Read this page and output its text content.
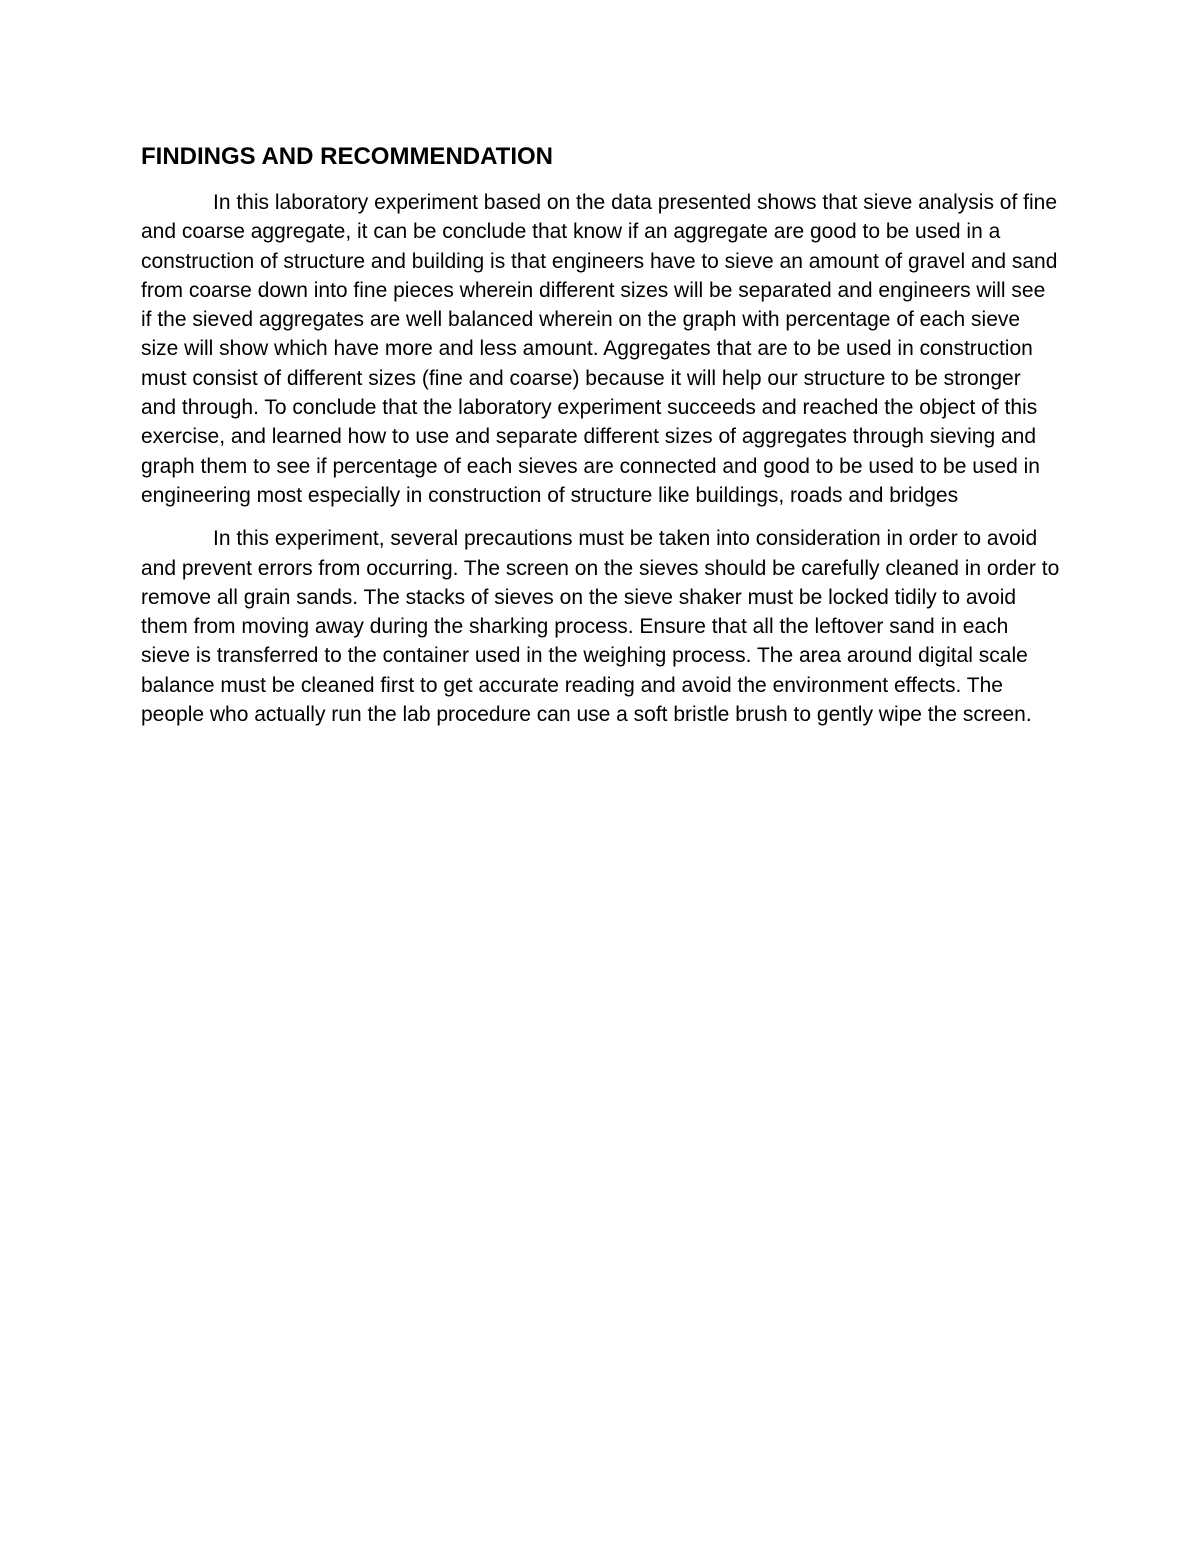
FINDINGS AND RECOMMENDATION

In this laboratory experiment based on the data presented shows that sieve analysis of fine and coarse aggregate, it can be conclude that know if an aggregate are good to be used in a construction of structure and building is that engineers have to sieve an amount of gravel and sand from coarse down into fine pieces wherein different sizes will be separated and engineers will see if the sieved aggregates are well balanced wherein on the graph with percentage of each sieve size will show which have more and less amount. Aggregates that are to be used in construction must consist of different sizes (fine and coarse) because it will help our structure to be stronger and through. To conclude that the laboratory experiment succeeds and reached the object of this exercise, and learned how to use and separate different sizes of aggregates through sieving and graph them to see if percentage of each sieves are connected and good to be used to be used in engineering most especially in construction of structure like buildings, roads and bridges

In this experiment, several precautions must be taken into consideration in order to avoid and prevent errors from occurring. The screen on the sieves should be carefully cleaned in order to remove all grain sands. The stacks of sieves on the sieve shaker must be locked tidily to avoid them from moving away during the sharking process. Ensure that all the leftover sand in each sieve is transferred to the container used in the weighing process. The area around digital scale balance must be cleaned first to get accurate reading and avoid the environment effects. The people who actually run the lab procedure can use a soft bristle brush to gently wipe the screen.
